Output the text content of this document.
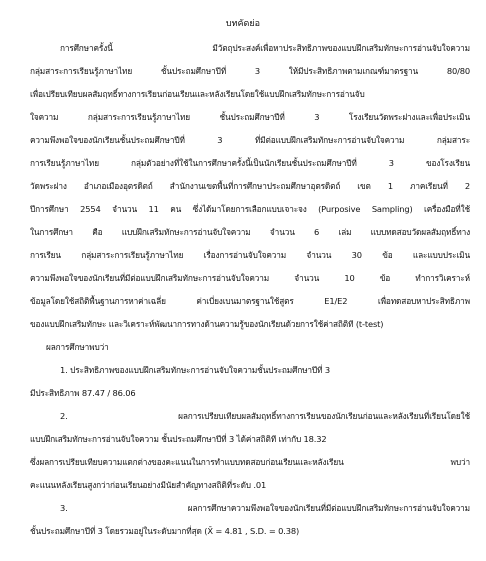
บทคัดย่อ
การศึกษาครั้งนี้ มีวัตถุประสงค์เพื่อหาประสิทธิภาพของแบบฝึกเสริมทักษะการอ่านจับใจความ
กลุ่มสาระการเรียนรู้ภาษาไทย ชั้นประถมศึกษาปีที่ 3 ให้มีประสิทธิภาพตามเกณฑ์มาตรฐาน 80/80
เพื่อเปรียบเทียบผลสัมฤทธิ์ทางการเรียนก่อนเรียนและหลังเรียนโดยใช้แบบฝึกเสริมทักษะการอ่านจับ
ใจความ กลุ่มสาระการเรียนรู้ภาษาไทย ชั้นประถมศึกษาปีที่ 3 โรงเรียนวัดพระฝางและเพื่อประเมิน
ความพึงพอใจของนักเรียนชั้นประถมศึกษาปีที่ 3 ที่มีต่อแบบฝึกเสริมทักษะการอ่านจับใจความ กลุ่มสาระ
การเรียนรู้ภาษาไทย กลุ่มตัวอย่างที่ใช้ในการศึกษาครั้งนี้เป็นนักเรียนชั้นประถมศึกษาปีที่ 3 ของโรงเรียน
วัดพระฝาง อำเภอเมืองอุตรดิตถ์ สำนักงานเขตพื้นที่การศึกษาประถมศึกษาอุตรดิตถ์ เขต 1 ภาคเรียนที่ 2
ปีการศึกษา 2554 จำนวน 11 คน ซึ่งได้มาโดยการเลือกแบบเจาะจง (Purposive Sampling) เครื่องมือที่ใช้
ในการศึกษา คือ แบบฝึกเสริมทักษะการอ่านจับใจความ จำนวน 6 เล่ม แบบทดสอบวัดผลสัมฤทธิ์ทาง
การเรียน กลุ่มสาระการเรียนรู้ภาษาไทย เรื่องการอ่านจับใจความ จำนวน 30 ข้อ และแบบประเมิน
ความพึงพอใจของนักเรียนที่มีต่อแบบฝึกเสริมทักษะการอ่านจับใจความ จำนวน 10 ข้อ ทำการวิเคราะห์
ข้อมูลโดยใช้สถิติพื้นฐานการหาค่าเฉลี่ย ค่าเบี่ยงเบนมาตรฐานใช้สูตร E1/E2 เพื่อทดสอบหาประสิทธิภาพ
ของแบบฝึกเสริมทักษะ และวิเคราะห์พัฒนาการทางด้านความรู้ของนักเรียนด้วยการใช้ค่าสถิติที (t-test)
ผลการศึกษาพบว่า
1. ประสิทธิภาพของแบบฝึกเสริมทักษะการอ่านจับใจความชั้นประถมศึกษาปีที่ 3
มีประสิทธิภาพ 87.47 / 86.06
2. ผลการเปรียบเทียบผลสัมฤทธิ์ทางการเรียนของนักเรียนก่อนและหลังเรียนที่เรียนโดยใช้
แบบฝึกเสริมทักษะการอ่านจับใจความ ชั้นประถมศึกษาปีที่ 3 ได้ค่าสถิติที เท่ากับ 18.32
ซึ่งผลการเปรียบเทียบความแตกต่างของคะแนนในการทำแบบทดสอบก่อนเรียนและหลังเรียน พบว่า
คะแนนหลังเรียนสูงกว่าก่อนเรียนอย่างมีนัยสำคัญทางสถิติที่ระดับ .01
3. ผลการศึกษาความพึงพอใจของนักเรียนที่มีต่อแบบฝึกเสริมทักษะการอ่านจับใจความ
ชั้นประถมศึกษาปีที่ 3 โดยรวมอยู่ในระดับมากที่สุด (X̄ = 4.81 , S.D. = 0.38)
